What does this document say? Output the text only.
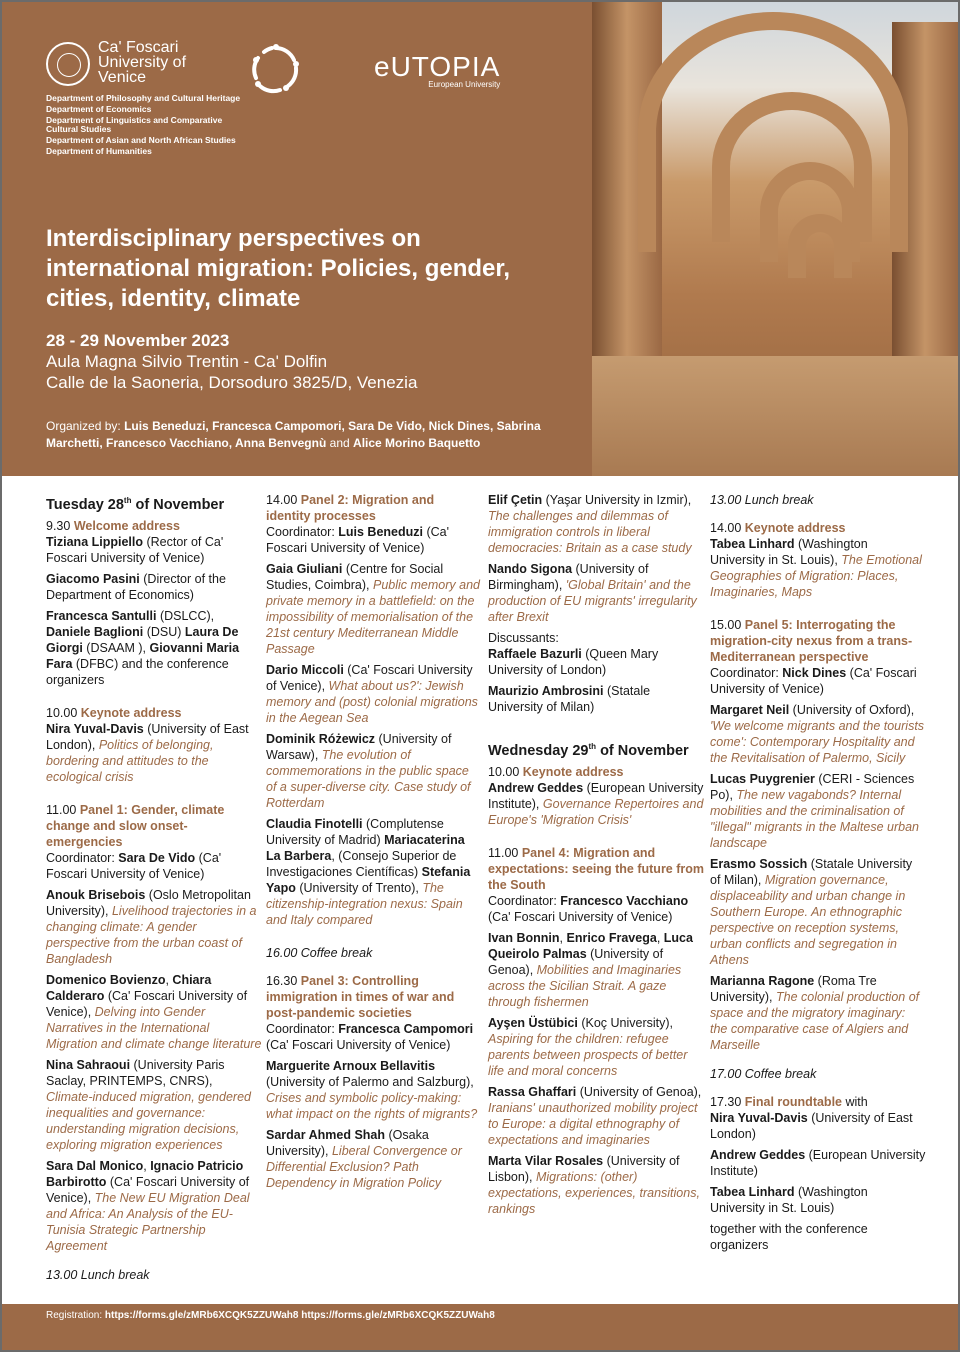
Ca' Foscari University of Venice
Department of Philosophy and Cultural Heritage
Department of Economics
Department of Linguistics and Comparative Cultural Studies
Department of Asian and North African Studies
Department of Humanities
eUTOPIA
European University
Interdisciplinary perspectives on international migration: Policies, gender, cities, identity, climate
28 - 29 November 2023
Aula Magna Silvio Trentin - Ca' Dolfin
Calle de la Saoneria, Dorsoduro 3825/D, Venezia
Organized by: Luis Beneduzi, Francesca Campomori, Sara De Vido, Nick Dines, Sabrina Marchetti, Francesco Vacchiano, Anna Benvegnù and Alice Morino Baquetto
Tuesday 28th of November
9.30 Welcome address
Tiziana Lippiello (Rector of Ca' Foscari University of Venice)
Giacomo Pasini (Director of the Department of Economics)
Francesca Santulli (DSLCC), Daniele Baglioni (DSU) Laura De Giorgi (DSAAM ), Giovanni Maria Fara (DFBC) and the conference organizers
10.00 Keynote address
Nira Yuval-Davis (University of East London), Politics of belonging, bordering and attitudes to the ecological crisis
11.00 Panel 1: Gender, climate change and slow onset-emergencies
Coordinator: Sara De Vido (Ca' Foscari University of Venice)
Anouk Brisebois (Oslo Metropolitan University), Livelihood trajectories in a changing climate: A gender perspective from the urban coast of Bangladesh
Domenico Bovienzo, Chiara Calderaro (Ca' Foscari University of Venice), Delving into Gender Narratives in the International Migration and climate change literature
Nina Sahraoui (University Paris Saclay, PRINTEMPS, CNRS), Climate-induced migration, gendered inequalities and governance: understanding migration decisions, exploring migration experiences
Sara Dal Monico, Ignacio Patricio Barbirotto (Ca' Foscari University of Venice), The New EU Migration Deal and Africa: An Analysis of the EU-Tunisia Strategic Partnership Agreement
13.00 Lunch break
14.00 Panel 2: Migration and identity processes
Coordinator: Luis Beneduzi (Ca' Foscari University of Venice)
Gaia Giuliani (Centre for Social Studies, Coimbra), Public memory and private memory in a battlefield: on the impossibility of memorialisation of the 21st century Mediterranean Middle Passage
Dario Miccoli (Ca' Foscari University of Venice), What about us?': Jewish memory and (post) colonial migrations in the Aegean Sea
Dominik Różewicz (University of Warsaw), The evolution of commemorations in the public space of a super-diverse city. Case study of Rotterdam
Claudia Finotelli (Complutense University of Madrid) Mariacaterina La Barbera, (Consejo Superior de Investigaciones Científicas) Stefania Yapo (University of Trento), The citizenship-integration nexus: Spain and Italy compared
16.00 Coffee break
16.30 Panel 3: Controlling immigration in times of war and post-pandemic societies
Coordinator: Francesca Campomori (Ca' Foscari University of Venice)
Marguerite Arnoux Bellavitis (University of Palermo and Salzburg), Crises and symbolic policy-making: what impact on the rights of migrants?
Sardar Ahmed Shah (Osaka University), Liberal Convergence or Differential Exclusion? Path Dependency in Migration Policy
Elif Çetin (Yaşar University in Izmir), The challenges and dilemmas of immigration controls in liberal democracies: Britain as a case study
Nando Sigona (University of Birmingham), 'Global Britain' and the production of EU migrants' irregularity after Brexit
Discussants:
Raffaele Bazurli (Queen Mary University of London)
Maurizio Ambrosini (Statale University of Milan)
Wednesday 29th of November
10.00 Keynote address
Andrew Geddes (European University Institute), Governance Repertoires and Europe's 'Migration Crisis'
11.00 Panel 4: Migration and expectations: seeing the future from the South
Coordinator: Francesco Vacchiano (Ca' Foscari University of Venice)
Ivan Bonnin, Enrico Fravega, Luca Queirolo Palmas (University of Genoa), Mobilities and Imaginaries across the Sicilian Strait. A gaze through fishermen
Ayşen Üstübici (Koç University), Aspiring for the children: refugee parents between prospects of better life and moral concerns
Rassa Ghaffari (University of Genoa), Iranians' unauthorized mobility project to Europe: a digital ethnography of expectations and imaginaries
Marta Vilar Rosales (University of Lisbon), Migrations: (other) expectations, experiences, transitions, rankings
13.00 Lunch break
14.00 Keynote address
Tabea Linhard (Washington University in St. Louis), The Emotional Geographies of Migration: Places, Imaginaries, Maps
15.00 Panel 5: Interrogating the migration-city nexus from a trans-Mediterranean perspective
Coordinator: Nick Dines (Ca' Foscari University of Venice)
Margaret Neil (University of Oxford), 'We welcome migrants and the tourists come': Contemporary Hospitality and the Revitalisation of Palermo, Sicily
Lucas Puygrenier (CERI - Sciences Po), The new vagabonds? Internal mobilities and the criminalisation of "illegal" migrants in the Maltese urban landscape
Erasmo Sossich (Statale University of Milan), Migration governance, displaceability and urban change in Southern Europe. An ethnographic perspective on reception systems, urban conflicts and segregation in Athens
Marianna Ragone (Roma Tre University), The colonial production of space and the migratory imaginary: the comparative case of Algiers and Marseille
17.00 Coffee break
17.30 Final roundtable with
Nira Yuval-Davis (University of East London)
Andrew Geddes (European University Institute)
Tabea Linhard (Washington University in St. Louis)
together with the conference organizers
Registration: https://forms.gle/zMRb6XCQK5ZZUWah8 https://forms.gle/zMRb6XCQK5ZZUWah8
